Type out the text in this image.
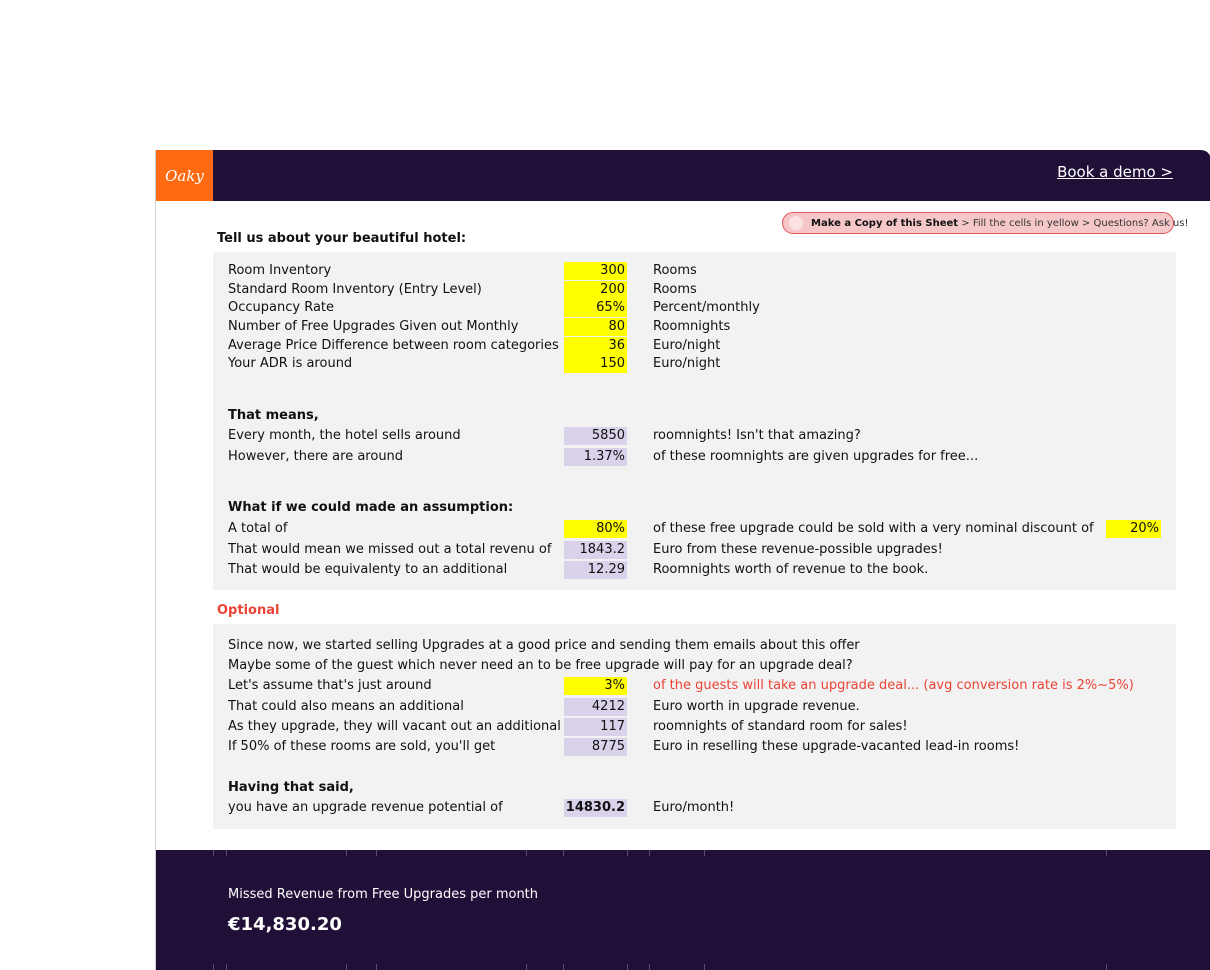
Oaky	Book a demo >
Make a Copy of this Sheet > Fill the cells in yellow > Questions? Ask us!
Tell us about your beautiful hotel:
Room Inventory	300 Rooms
Standard Room Inventory (Entry Level)	200 Rooms
Occupancy Rate	65% Percent/monthly
Number of Free Upgrades Given out Monthly	80 Roomnights
Average Price Difference between room categories	36 Euro/night
Your ADR is around	150 Euro/night
That means,
Every month, the hotel sells around	5850 roomnights! Isn't that amazing?
However, there are around	1.37% of these roomnights are given upgrades for free...
What if we could made an assumption:
A total of	80% of these free upgrade could be sold with a very nominal discount of	20%
That would mean we missed out a total revenu of	1843.2 Euro from these revenue-possible upgrades!
That would be equivalenty to an additional	12.29 Roomnights worth of revenue to the book.
Optional
Since now, we started selling Upgrades at a good price and sending them emails about this offer
Maybe some of the guest which never need an to be free upgrade will pay for an upgrade deal?
Let's assume that's just around	3% of the guests will take an upgrade deal... (avg conversion rate is 2%~5%)
That could also means an additional	4212 Euro worth in upgrade revenue.
As they upgrade, they will vacant out an additional	117 roomnights of standard room for sales!
If 50% of these rooms are sold, you'll get	8775 Euro in reselling these upgrade-vacanted lead-in rooms!
Having that said,
you have an upgrade revenue potential of	14830.2 Euro/month!
Missed Revenue from Free Upgrades per month
€14,830.20
